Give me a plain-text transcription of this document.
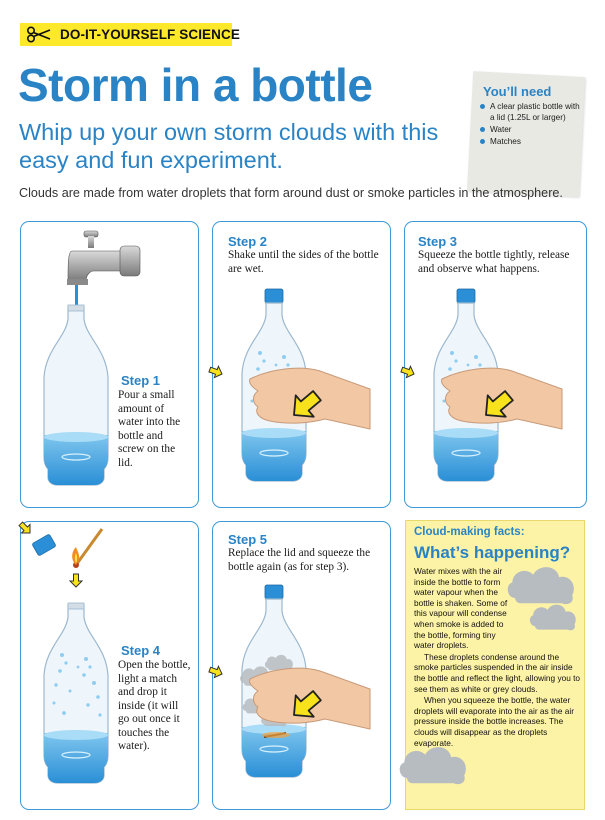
DO-IT-YOURSELF SCIENCE
Storm in a bottle
Whip up your own storm clouds with this easy and fun experiment.
You’ll need
A clear plastic bottle with a lid (1.25L or larger)
Water
Matches
Clouds are made from water droplets that form around dust or smoke particles in the atmosphere.
Step 1
Pour a small amount of water into the bottle and screw on the lid.
Step 2
Shake until the sides of the bottle are wet.
Step 3
Squeeze the bottle tightly, release and observe what happens.
Step 4
Open the bottle, light a match and drop it inside (it will go out once it touches the water).
Step 5
Replace the lid and squeeze the bottle again (as for step 3).
Cloud-making facts:
What’s happening?

Water mixes with the air inside the bottle to form water vapour when the bottle is shaken. Some of this vapour will condense when smoke is added to the bottle, forming tiny water droplets.

These droplets condense around the smoke particles suspended in the air inside the bottle and reflect the light, allowing you to see them as white or grey clouds.

When you squeeze the bottle, the water droplets will evaporate into the air as the air pressure inside the bottle increases. The clouds will disappear as the droplets evaporate.
